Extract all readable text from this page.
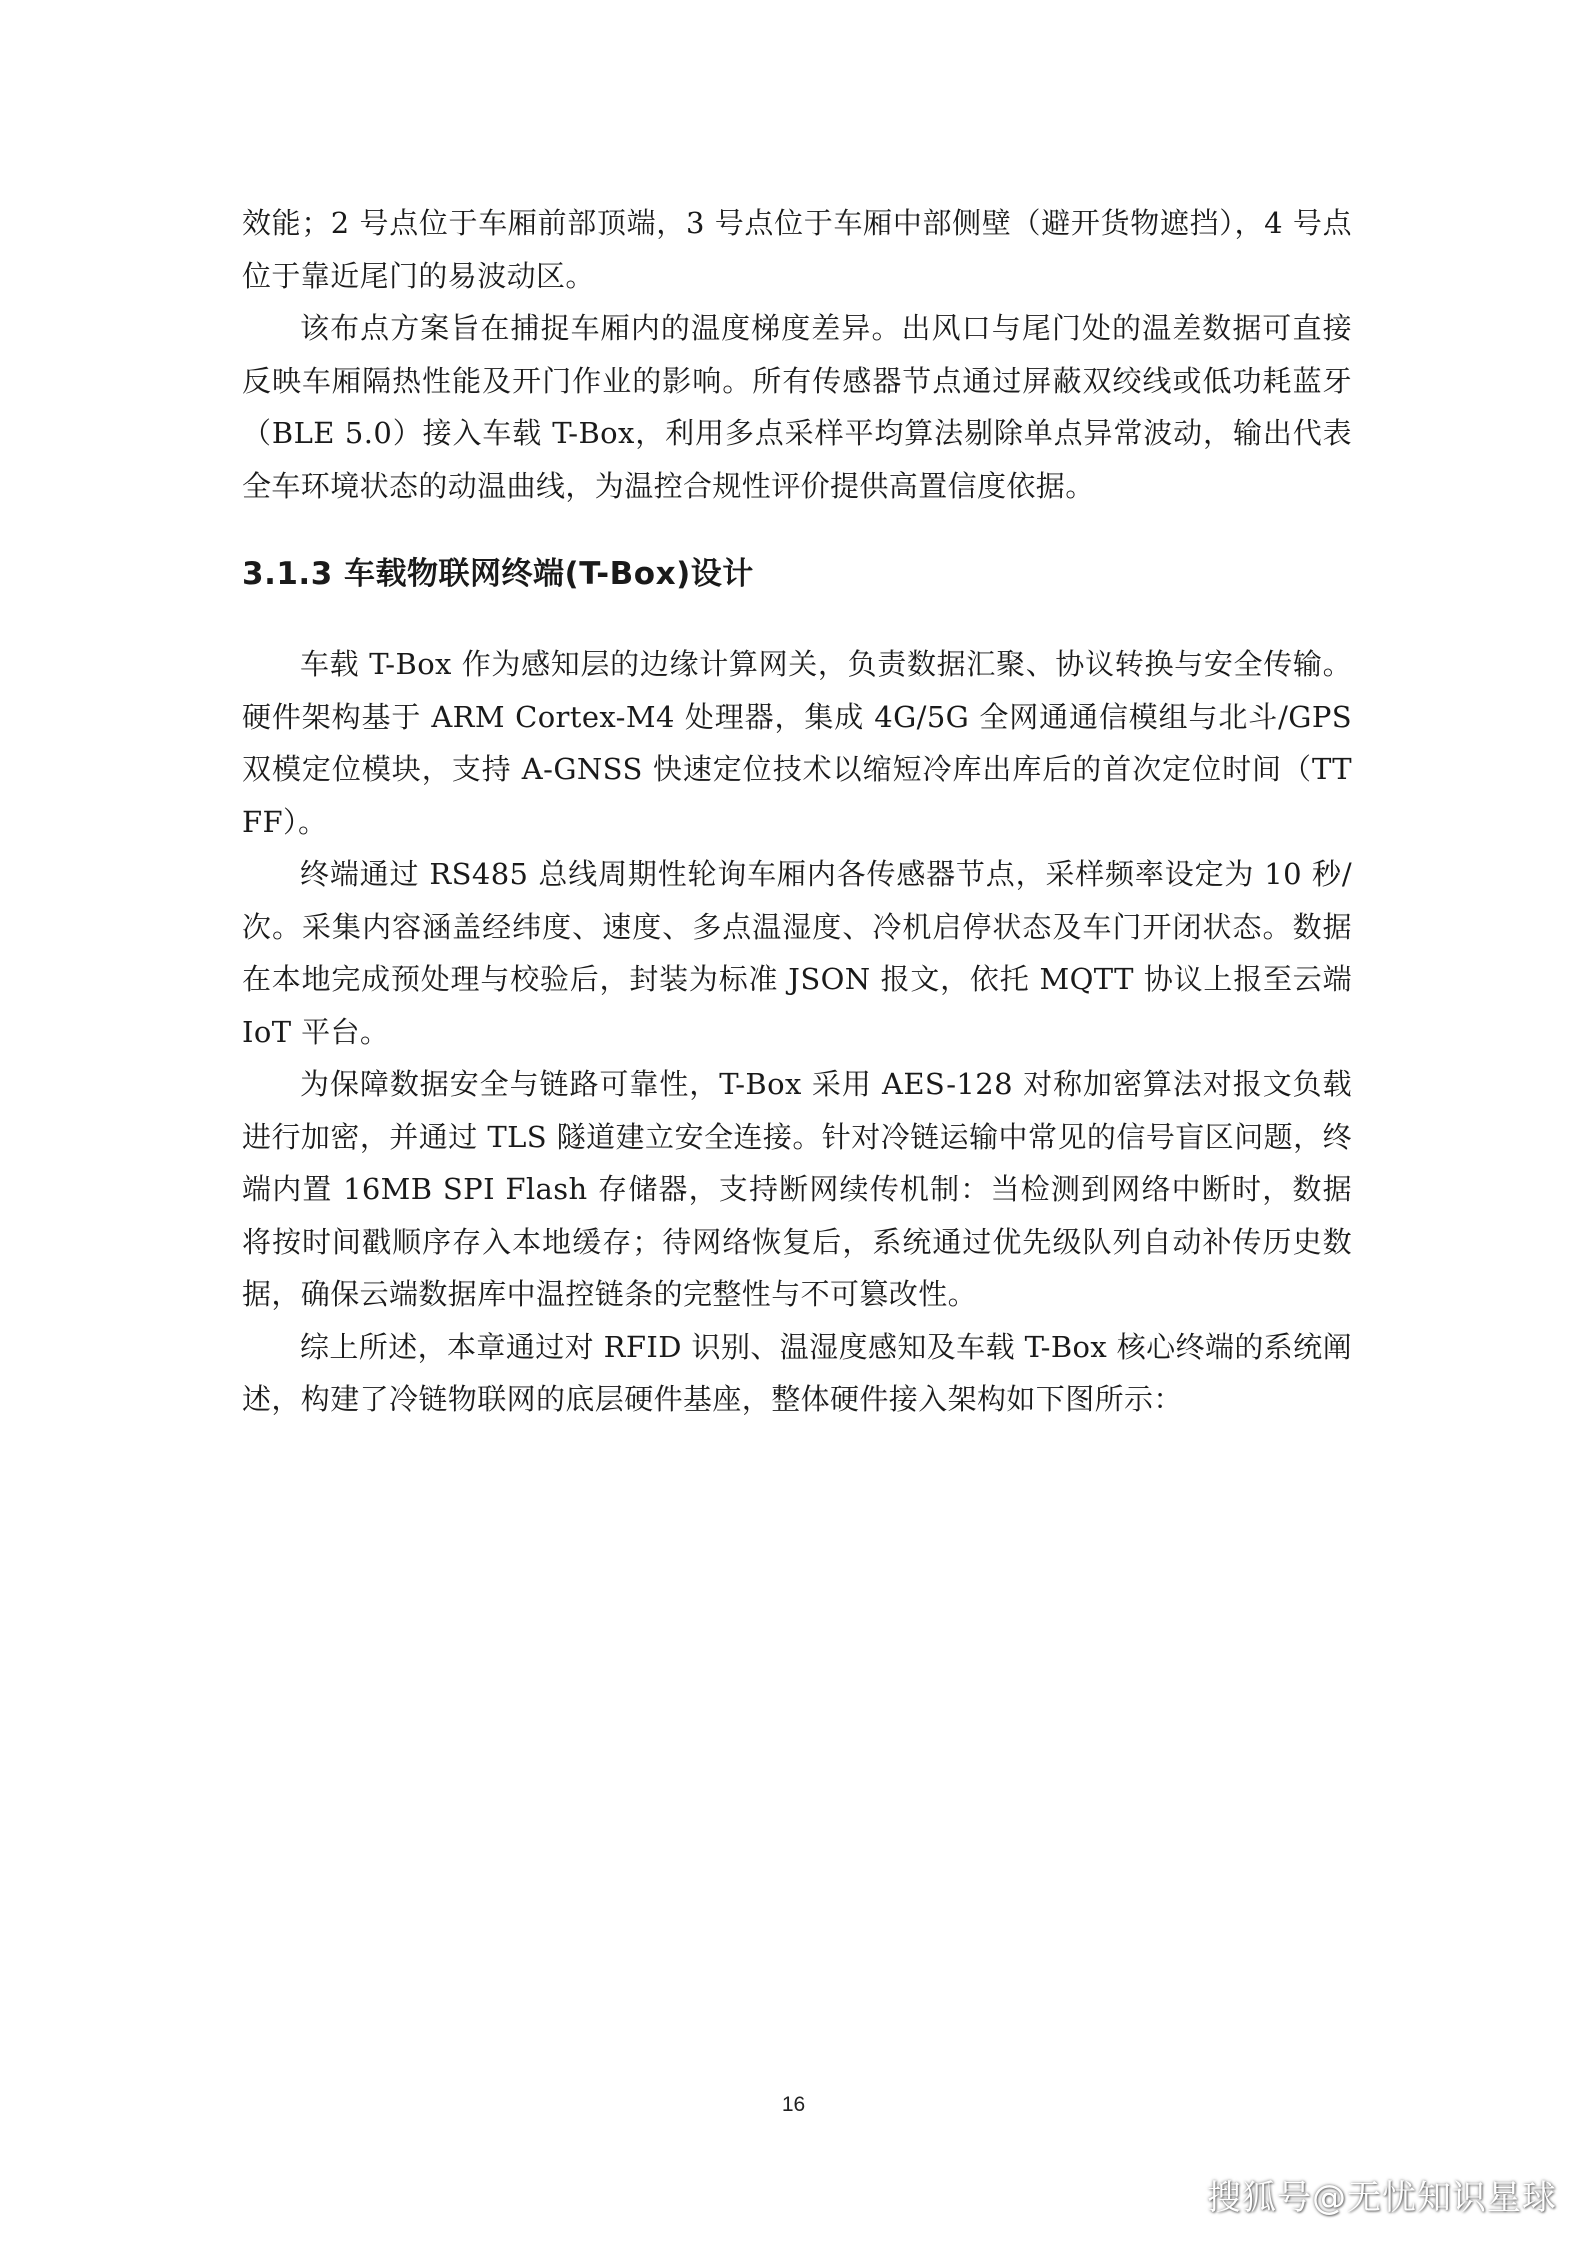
效能；2 号点位于车厢前部顶端，3 号点位于车厢中部侧壁（避开货物遮挡），4 号点位于靠近尾门的易波动区。

该布点方案旨在捕捉车厢内的温度梯度差异。出风口与尾门处的温差数据可直接反映车厢隔热性能及开门作业的影响。所有传感器节点通过屏蔽双绞线或低功耗蓝牙（BLE 5.0）接入车载 T-Box，利用多点采样平均算法剔除单点异常波动，输出代表全车环境状态的动温曲线，为温控合规性评价提供高置信度依据。

3.1.3 车载物联网终端(T-Box)设计

车载 T-Box 作为感知层的边缘计算网关，负责数据汇聚、协议转换与安全传输。硬件架构基于 ARM Cortex-M4 处理器，集成 4G/5G 全网通通信模组与北斗/GPS 双模定位模块，支持 A-GNSS 快速定位技术以缩短冷库出库后的首次定位时间（TTFF）。

终端通过 RS485 总线周期性轮询车厢内各传感器节点，采样频率设定为 10 秒/次。采集内容涵盖经纬度、速度、多点温湿度、冷机启停状态及车门开闭状态。数据在本地完成预处理与校验后，封装为标准 JSON 报文，依托 MQTT 协议上报至云端 IoT 平台。

为保障数据安全与链路可靠性，T-Box 采用 AES-128 对称加密算法对报文负载进行加密，并通过 TLS 隧道建立安全连接。针对冷链运输中常见的信号盲区问题，终端内置 16MB SPI Flash 存储器，支持断网续传机制：当检测到网络中断时，数据将按时间戳顺序存入本地缓存；待网络恢复后，系统通过优先级队列自动补传历史数据，确保云端数据库中温控链条的完整性与不可篡改性。

综上所述，本章通过对 RFID 识别、温湿度感知及车载 T-Box 核心终端的系统阐述，构建了冷链物联网的底层硬件基座，整体硬件接入架构如下图所示：

16
搜狐号@无忧知识星球
